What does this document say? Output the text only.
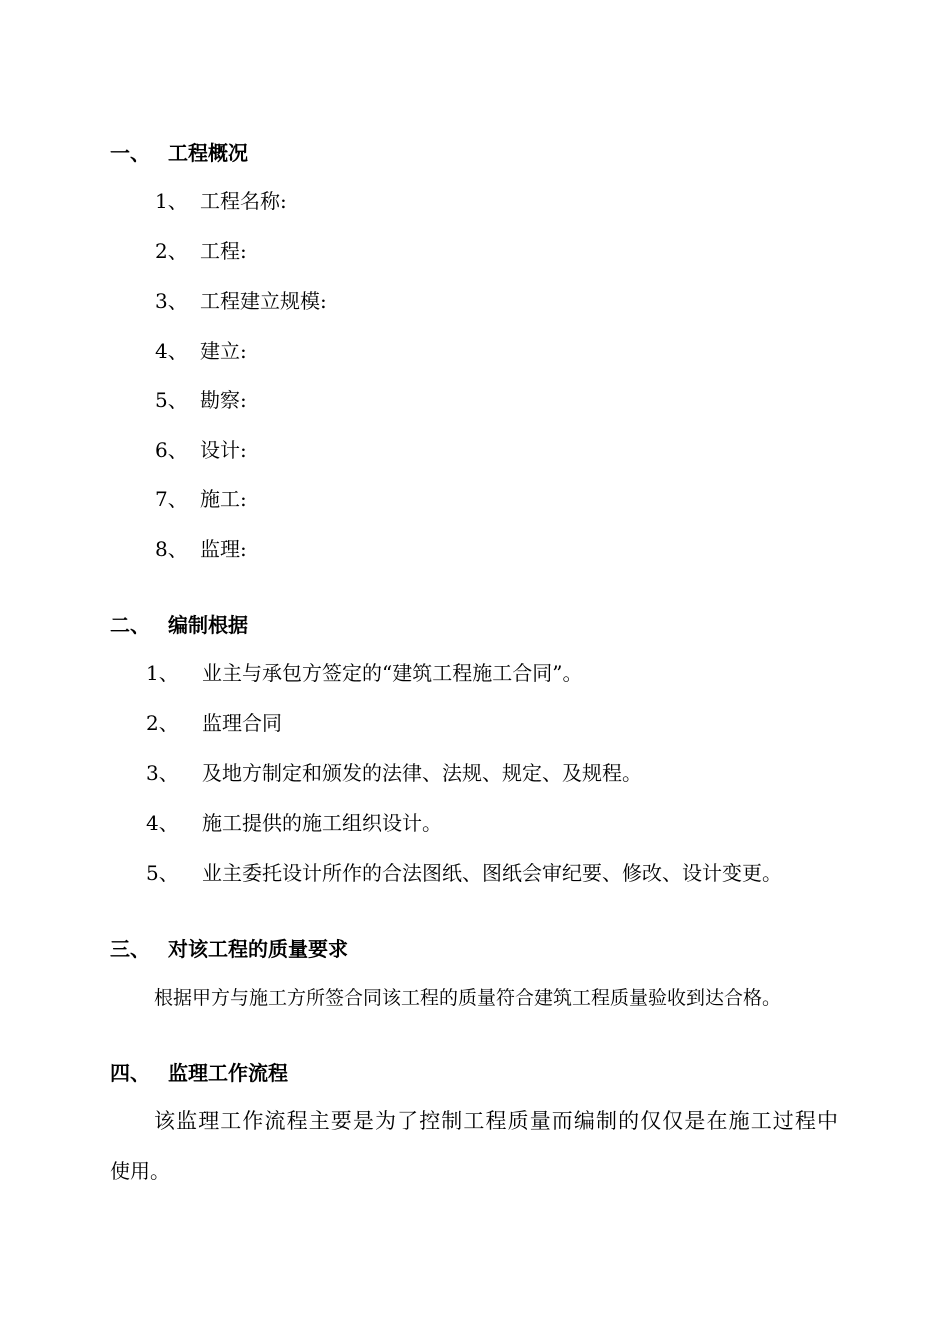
一、 工程概况
1、 工程名称:
2、 工程:
3、 工程建立规模:
4、 建立:
5、 勘察:
6、 设计:
7、 施工:
8、 监理:
二、 编制根据
1、 业主与承包方签定的“建筑工程施工合同”。
2、 监理合同
3、 及地方制定和颁发的法律、法规、规定、及规程。
4、 施工提供的施工组织设计。
5、 业主委托设计所作的合法图纸、图纸会审纪要、修改、设计变更。
三、 对该工程的质量要求
根据甲方与施工方所签合同该工程的质量符合建筑工程质量验收到达合格。
四、 监理工作流程
该监理工作流程主要是为了控制工程质量而编制的仅仅是在施工过程中
使用。
